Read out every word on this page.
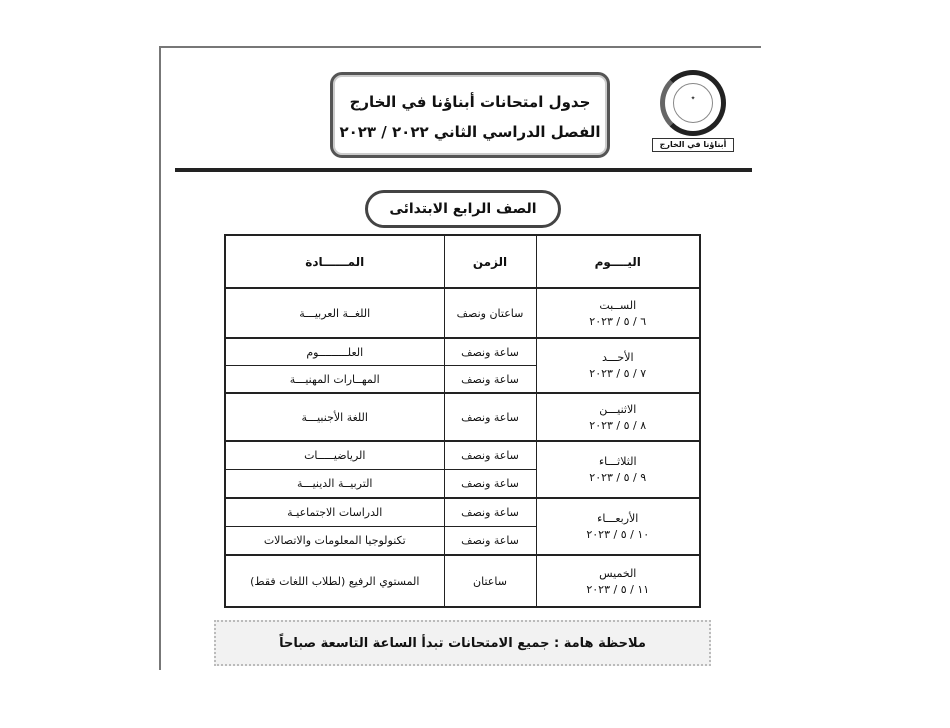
جدول امتحانات أبناؤنا في الخارج
الفصل الدراسي الثاني ٢٠٢٢ / ٢٠٢٣
✦
أبناؤنا في الخارج
الصف الرابع الابتدائى
اليــــوم	الزمن	المــــــادة
الســبت
٦ / ٥ / ٢٠٢٣	ساعتان ونصف	اللغــة العربيـــة
الأحـــد
٧ / ٥ / ٢٠٢٣	ساعة ونصف	العلـــــــــوم
	ساعة ونصف	المهــارات المهنيـــة
الاثنيـــن
٨ / ٥ / ٢٠٢٣	ساعة ونصف	اللغة الأجنبيـــة
الثلاثـــاء
٩ / ٥ / ٢٠٢٣	ساعة ونصف	الرياضيـــــات
	ساعة ونصف	التربيــة الدينيـــة
الأربعـــاء
١٠ / ٥ / ٢٠٢٣	ساعة ونصف	الدراسات الاجتماعيـة
	ساعة ونصف	تكنولوجيا المعلومات والاتصالات
الخميس
١١ / ٥ / ٢٠٢٣	ساعتان	المستوي الرفيع (لطلاب اللغات فقط)
ملاحظة هامة : جميع الامتحانات تبدأ الساعة التاسعة صباحاً
